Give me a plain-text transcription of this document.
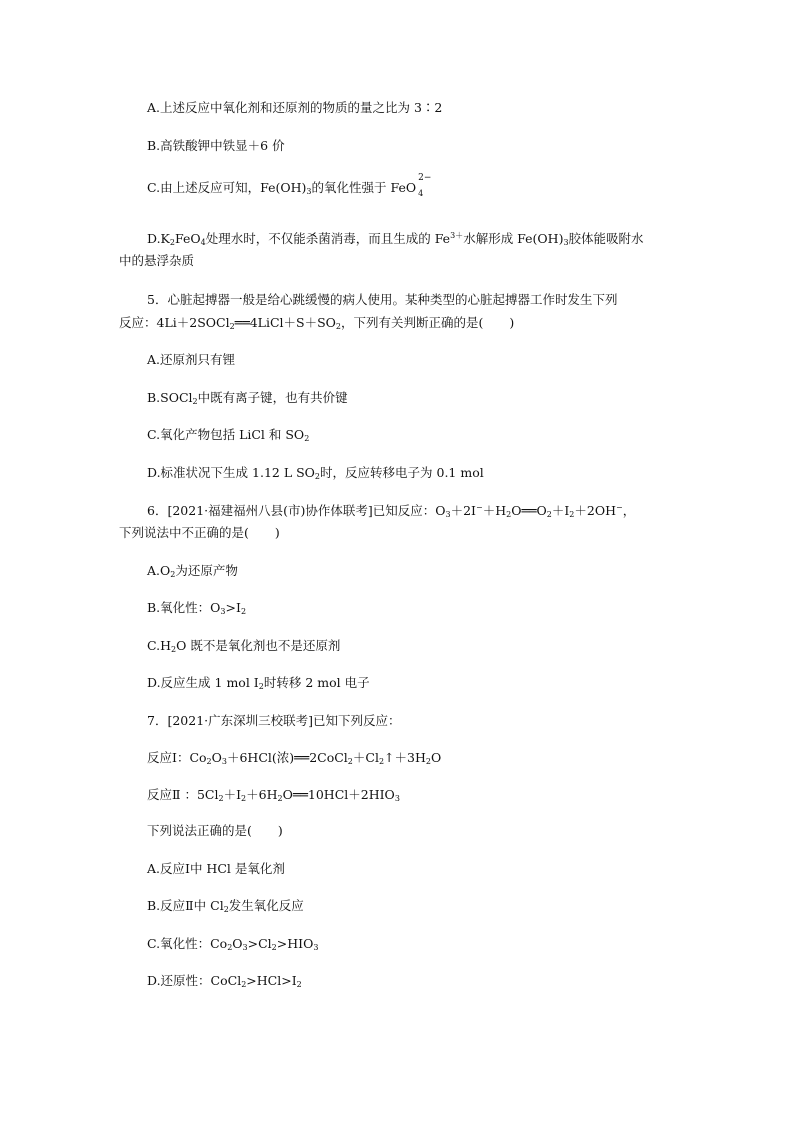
A.上述反应中氧化剂和还原剂的物质的量之比为 3∶2
B.高铁酸钾中铁显＋6 价
C.由上述反应可知，$Fe(OH)_3$的氧化性强于 FeO
2−
4
$D.K_2FeO_4$处理水时，不仅能杀菌消毒，而且生成的 $Fe^{3+}$水解形成 $Fe(OH)_3$胶体能吸附水
中的悬浮杂质
5．心脏起搏器一般是给心跳缓慢的病人使用。某种类型的心脏起搏器工作时发生下列
反应：$4Li+2SOCl_2══4LiCl+S+SO_2$，下列有关判断正确的是( )
A.还原剂只有锂
B.SOCl$_2$中既有离子键，也有共价键
C.氧化产物包括 LiCl 和 $SO_2$
D.标准状况下生成 1.12 L $SO_2$时，反应转移电子为 0.1 mol
6．[2021·福建福州八县(市)协作体联考]已知反应：$O_3+2I^-+H_2O══O_2+I_2+2OH^-$，
下列说法中不正确的是( )
$A.O_2$为还原产物
B.氧化性：$O_3>I_2$
$C.H_2O$ 既不是氧化剂也不是还原剂
D.反应生成 1 mol $I_2$时转移 2 mol 电子
7．[2021·广东深圳三校联考]已知下列反应：
反应Ⅰ：$Co_2O_3+6HCl$(浓)$══2CoCl_2+Cl_2↑+3H_2O$
反应Ⅱ ：$5Cl_2+I_2+6H_2O══10HCl+2HIO_3$
下列说法正确的是( )
A.反应Ⅰ中 HCl 是氧化剂
B.反应Ⅱ中 $Cl_2$发生氧化反应
C.氧化性：$Co_2O_3>Cl_2>HIO_3$
D.还原性：$CoCl_2>HCl>I_2$
